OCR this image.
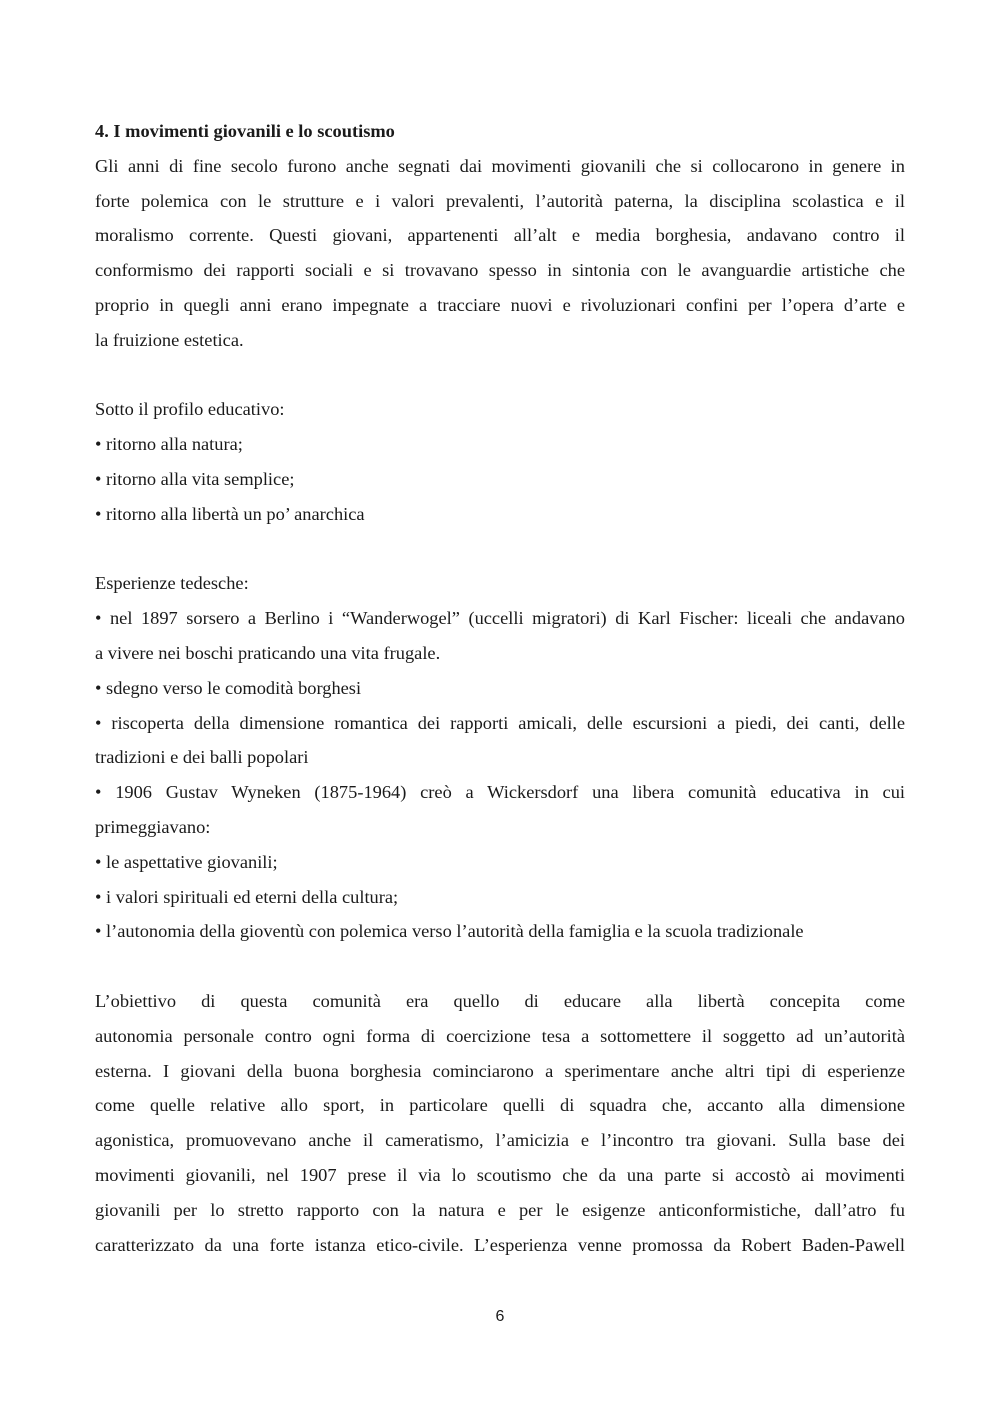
4. I movimenti giovanili e lo scoutismo
Gli anni di fine secolo furono anche segnati dai movimenti giovanili che si collocarono in genere in
forte polemica con le strutture e i valori prevalenti, l’autorità paterna, la disciplina scolastica e il
moralismo corrente. Questi giovani, appartenenti all’alt e media borghesia, andavano contro il
conformismo dei rapporti sociali e si trovavano spesso in sintonia con le avanguardie artistiche che
proprio in quegli anni erano impegnate a tracciare nuovi e rivoluzionari confini per l’opera d’arte e
la fruizione estetica.
Sotto il profilo educativo:
• ritorno alla natura;
• ritorno alla vita semplice;
• ritorno alla libertà un po’ anarchica
Esperienze tedesche:
• nel 1897 sorsero a Berlino i “Wanderwogel” (uccelli migratori) di Karl Fischer: liceali che andavano
a vivere nei boschi praticando una vita frugale.
• sdegno verso le comodità borghesi
• riscoperta della dimensione romantica dei rapporti amicali, delle escursioni a piedi, dei canti, delle
tradizioni e dei balli popolari
• 1906 Gustav Wyneken (1875-1964) creò a Wickersdorf una libera comunità educativa in cui
primeggiavano:
• le aspettative giovanili;
• i valori spirituali ed eterni della cultura;
• l’autonomia della gioventù con polemica verso l’autorità della famiglia e la scuola tradizionale
L’obiettivo di questa comunità era quello di educare alla libertà concepita come
autonomia personale contro ogni forma di coercizione tesa a sottomettere il soggetto ad un’autorità
esterna. I giovani della buona borghesia cominciarono a sperimentare anche altri tipi di esperienze
come quelle relative allo sport, in particolare quelli di squadra che, accanto alla dimensione
agonistica, promuovevano anche il cameratismo, l’amicizia e l’incontro tra giovani. Sulla base dei
movimenti giovanili, nel 1907 prese il via lo scoutismo che da una parte si accostò ai movimenti
giovanili per lo stretto rapporto con la natura e per le esigenze anticonformistiche, dall’atro fu
caratterizzato da una forte istanza etico-civile. L’esperienza venne promossa da Robert Baden-Pawell
6
